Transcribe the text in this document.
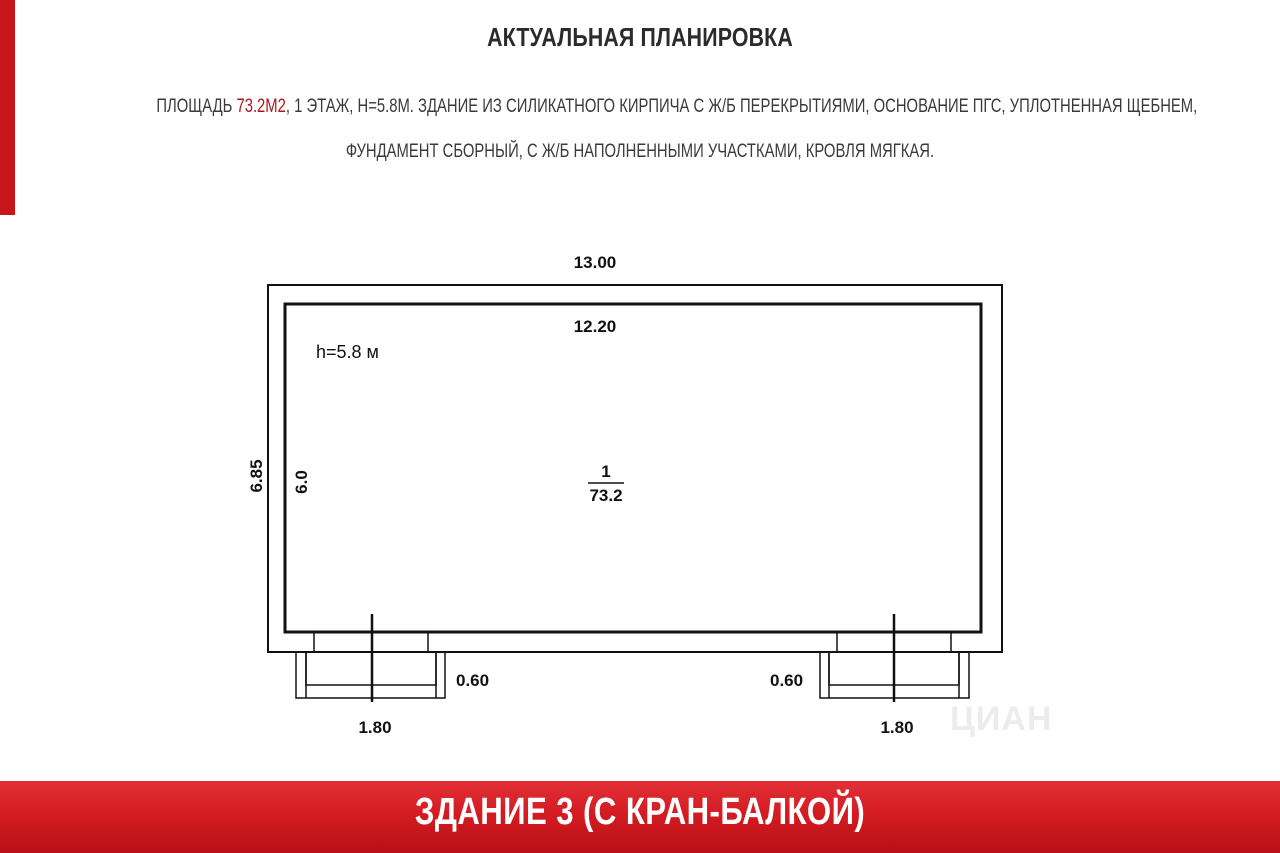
АКТУАЛЬНАЯ ПЛАНИРОВКА
ПЛОЩАДЬ 73.2М2, 1 ЭТАЖ, Н=5.8М. ЗДАНИЕ ИЗ СИЛИКАТНОГО КИРПИЧА С Ж/Б ПЕРЕКРЫТИЯМИ, ОСНОВАНИЕ ПГС, УПЛОТНЕННАЯ ЩЕБНЕМ,
ФУНДАМЕНТ СБОРНЫЙ, С Ж/Б НАПОЛНЕННЫМИ УЧАСТКАМИ, КРОВЛЯ МЯГКАЯ.
13.00
12.20
h=5.8 м
6.85 6.0	1
73.2
0.60
1.80
0.60
1.80 ЦИАН
ЗДАНИЕ 3 (С КРАН-БАЛКОЙ)
